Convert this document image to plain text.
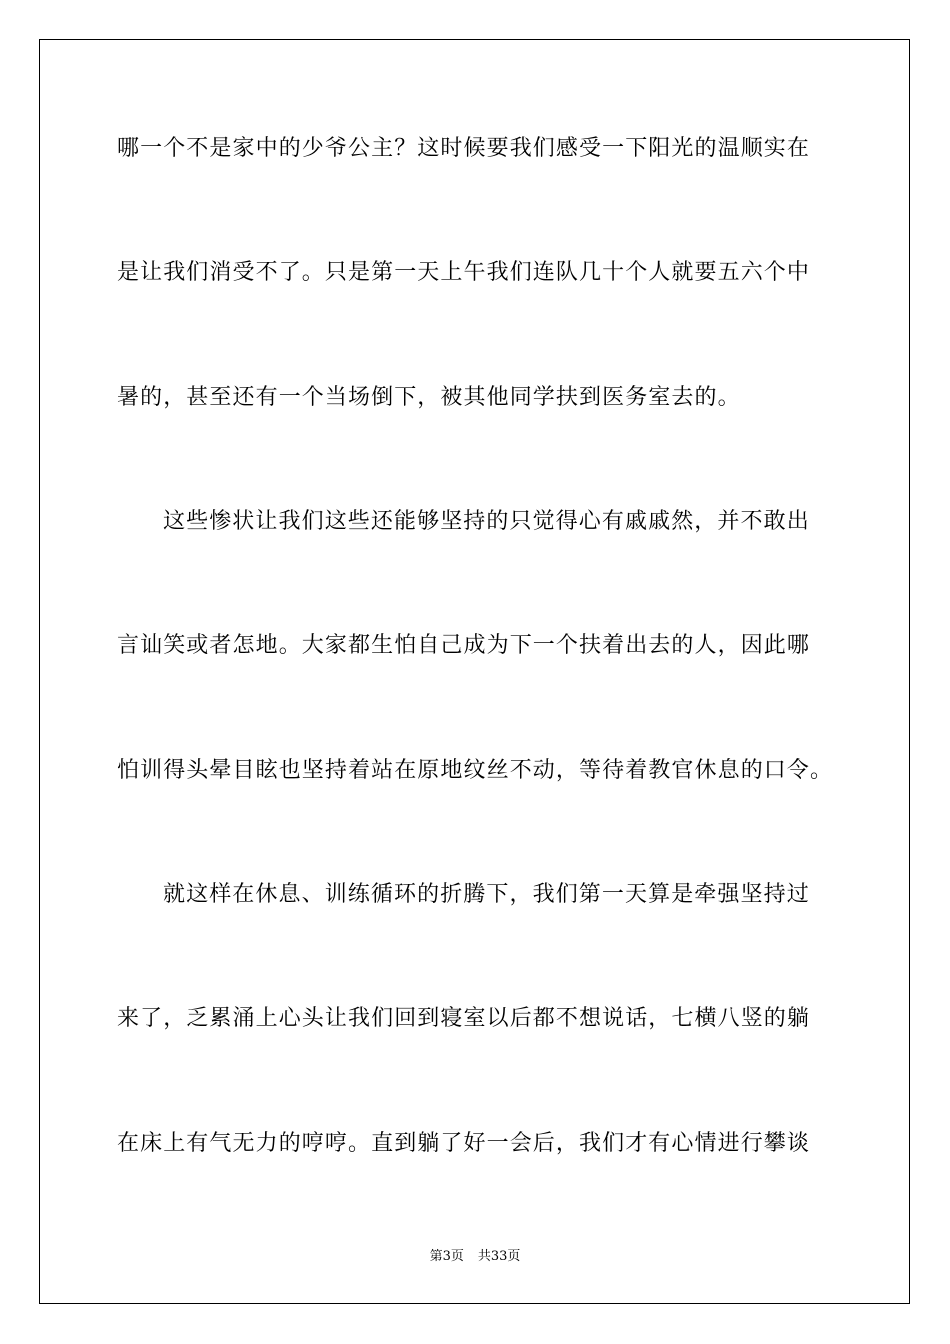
哪一个不是家中的少爷公主？这时候要我们感受一下阳光的温顺实在
是让我们消受不了。只是第一天上午我们连队几十个人就要五六个中
暑的，甚至还有一个当场倒下，被其他同学扶到医务室去的。
这些惨状让我们这些还能够坚持的只觉得心有戚戚然，并不敢出
言讪笑或者怎地。大家都生怕自己成为下一个扶着出去的人，因此哪
怕训得头晕目眩也坚持着站在原地纹丝不动，等待着教官休息的口令。
就这样在休息、训练循环的折腾下，我们第一天算是牵强坚持过
来了，乏累涌上心头让我们回到寝室以后都不想说话，七横八竖的躺
在床上有气无力的哼哼。直到躺了好一会后，我们才有心情进行攀谈
第3页 共33页
